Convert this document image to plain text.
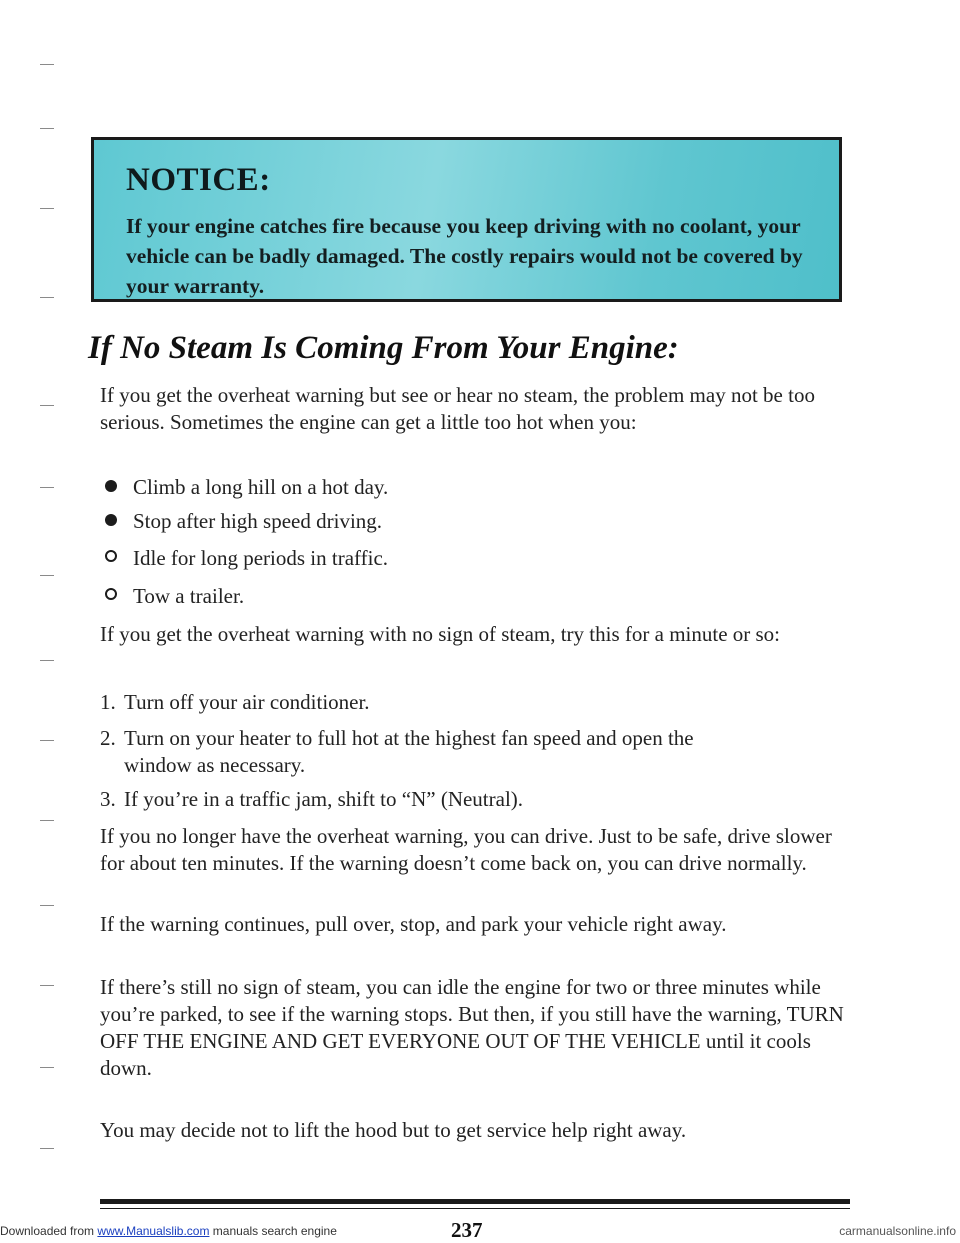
NOTICE:
If your engine catches fire because you keep driving with no coolant, your vehicle can be badly damaged. The costly repairs would not be covered by your warranty.
If No Steam Is Coming From Your Engine:
If you get the overheat warning but see or hear no steam, the problem may not be too serious. Sometimes the engine can get a little too hot when you:
Climb a long hill on a hot day.
Stop after high speed driving.
Idle for long periods in traffic.
Tow a trailer.
If you get the overheat warning with no sign of steam, try this for a minute or so:
1. Turn off your air conditioner.
2. Turn on your heater to full hot at the highest fan speed and open the
window as necessary.
3. If you’re in a traffic jam, shift to “N” (Neutral).
If you no longer have the overheat warning, you can drive. Just to be safe, drive slower for about ten minutes. If the warning doesn’t come back on, you can drive normally.
If the warning continues, pull over, stop, and park your vehicle right away.
If there’s still no sign of steam, you can idle the engine for two or three minutes while you’re parked, to see if the warning stops. But then, if you still have the warning, TURN OFF THE ENGINE AND GET EVERYONE OUT OF THE VEHICLE until it cools down.
You may decide not to lift the hood but to get service help right away.
237
Downloaded from www.Manualslib.com manuals search engine	carmanualsonline.info
